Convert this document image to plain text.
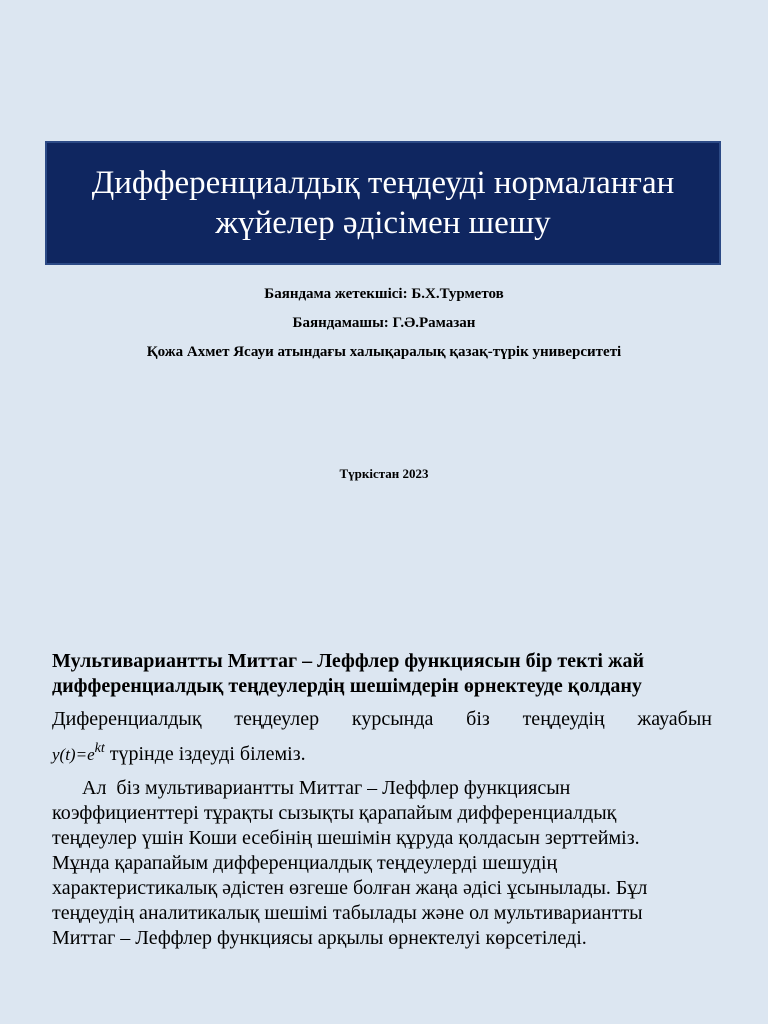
Дифференциалдық теңдеуді нормаланған
жүйелер әдісімен шешу
Баяндама жетекшісі: Б.Х.Турметов
Баяндамашы: Г.Ә.Рамазан
Қожа Ахмет Ясауи атындағы халықаралық қазақ-түрік университеті
Түркістан 2023
Мультивариантты Миттаг – Леффлер функциясын бір текті жай
дифференциалдық теңдеулердің шешімдерін өрнектеуде қолдану
Диференциалдық теңдеулер курсында біз теңдеудің жауабын
$y(t)=e^{kt}$ түрінде іздеуді білеміз.
Ал  біз мультивариантты Миттаг – Леффлер функциясын
коэффициенттері тұрақты сызықты қарапайым дифференциалдық
теңдеулер үшін Коши есебінің шешімін құруда қолдасын зерттейміз.
Мұнда қарапайым дифференциалдық теңдеулерді шешудің
характеристикалық әдістен өзгеше болған жаңа әдісі ұсынылады. Бұл
теңдеудің аналитикалық шешімі табылады және ол мультивариантты
Миттаг – Леффлер функциясы арқылы өрнектелуі көрсетіледі.
